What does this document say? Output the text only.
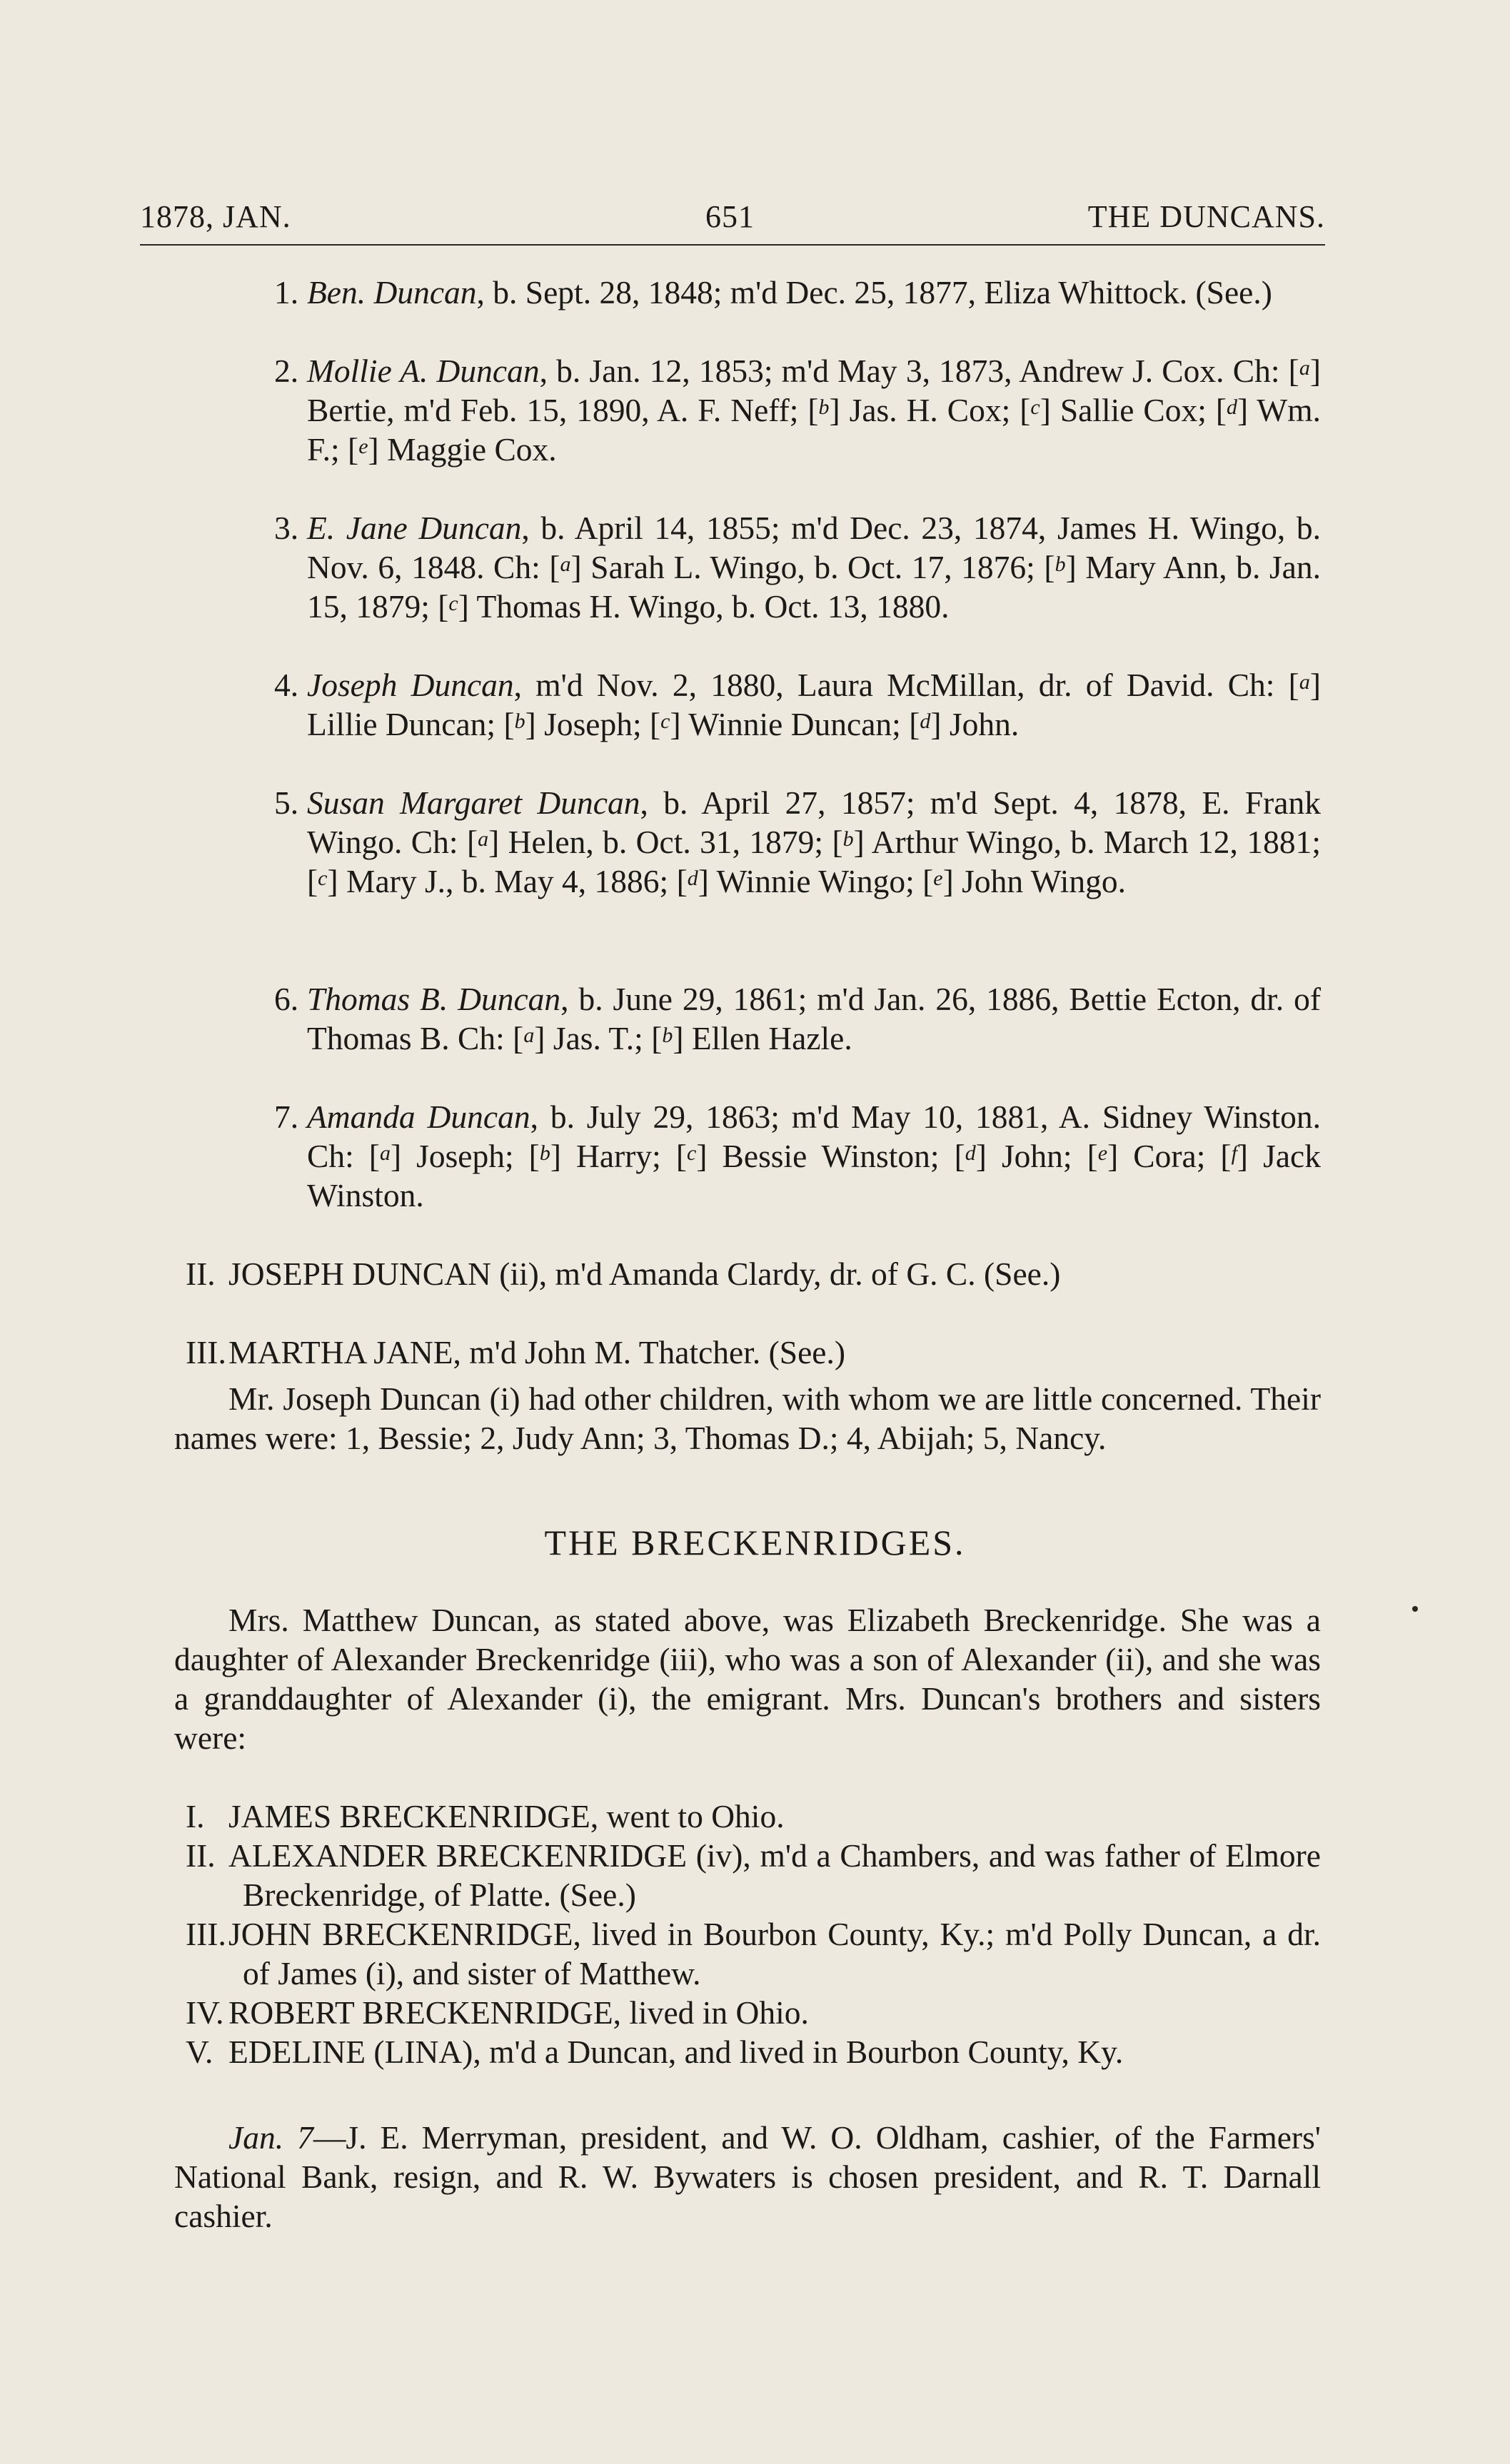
1878, JAN.	651	THE DUNCANS.
1. Ben. Duncan, b. Sept. 28, 1848; m'd Dec. 25, 1877, Eliza Whittock. (See.)
2. Mollie A. Duncan, b. Jan. 12, 1853; m'd May 3, 1873, Andrew J. Cox. Ch: [$^a$] Bertie, m'd Feb. 15, 1890, A. F. Neff; [$^b$] Jas. H. Cox; [$^c$] Sallie Cox; [$^d$] Wm. F.; [$^e$] Maggie Cox.
3. E. Jane Duncan, b. April 14, 1855; m'd Dec. 23, 1874, James H. Wingo, b. Nov. 6, 1848. Ch: [$^a$] Sarah L. Wingo, b. Oct. 17, 1876; [$^b$] Mary Ann, b. Jan. 15, 1879; [$^c$] Thomas H. Wingo, b. Oct. 13, 1880.
4. Joseph Duncan, m'd Nov. 2, 1880, Laura McMillan, dr. of David. Ch: [$^a$] Lillie Duncan; [$^b$] Joseph; [$^c$] Winnie Duncan; [$^d$] John.
5. Susan Margaret Duncan, b. April 27, 1857; m'd Sept. 4, 1878, E. Frank Wingo. Ch: [$^a$] Helen, b. Oct. 31, 1879; [$^b$] Arthur Wingo, b. March 12, 1881; [$^c$] Mary J., b. May 4, 1886; [$^d$] Winnie Wingo; [$^e$] John Wingo.
6. Thomas B. Duncan, b. June 29, 1861; m'd Jan. 26, 1886, Bettie Ecton, dr. of Thomas B. Ch: [$^a$] Jas. T.; [$^b$] Ellen Hazle.
7. Amanda Duncan, b. July 29, 1863; m'd May 10, 1881, A. Sidney Winston. Ch: [$^a$] Joseph; [$^b$] Harry; [$^c$] Bessie Winston; [$^d$] John; [$^e$] Cora; [$^f$] Jack Winston.
II. JOSEPH DUNCAN (ii), m'd Amanda Clardy, dr. of G. C. (See.)
III. MARTHA JANE, m'd John M. Thatcher. (See.)
Mr. Joseph Duncan (i) had other children, with whom we are little concerned. Their names were: 1, Bessie; 2, Judy Ann; 3, Thomas D.; 4, Abijah; 5, Nancy.
THE BRECKENRIDGES.
Mrs. Matthew Duncan, as stated above, was Elizabeth Breckenridge. She was a daughter of Alexander Breckenridge (iii), who was a son of Alexander (ii), and she was a granddaughter of Alexander (i), the emigrant. Mrs. Duncan's brothers and sisters were:
I. JAMES BRECKENRIDGE, went to Ohio.
II. ALEXANDER BRECKENRIDGE (iv), m'd a Chambers, and was father of Elmore Breckenridge, of Platte. (See.)
III. JOHN BRECKENRIDGE, lived in Bourbon County, Ky.; m'd Polly Duncan, a dr. of James (i), and sister of Matthew.
IV. ROBERT BRECKENRIDGE, lived in Ohio.
V. EDELINE (LINA), m'd a Duncan, and lived in Bourbon County, Ky.
Jan. 7—J. E. Merryman, president, and W. O. Oldham, cashier, of the Farmers' National Bank, resign, and R. W. Bywaters is chosen president, and R. T. Darnall cashier.
